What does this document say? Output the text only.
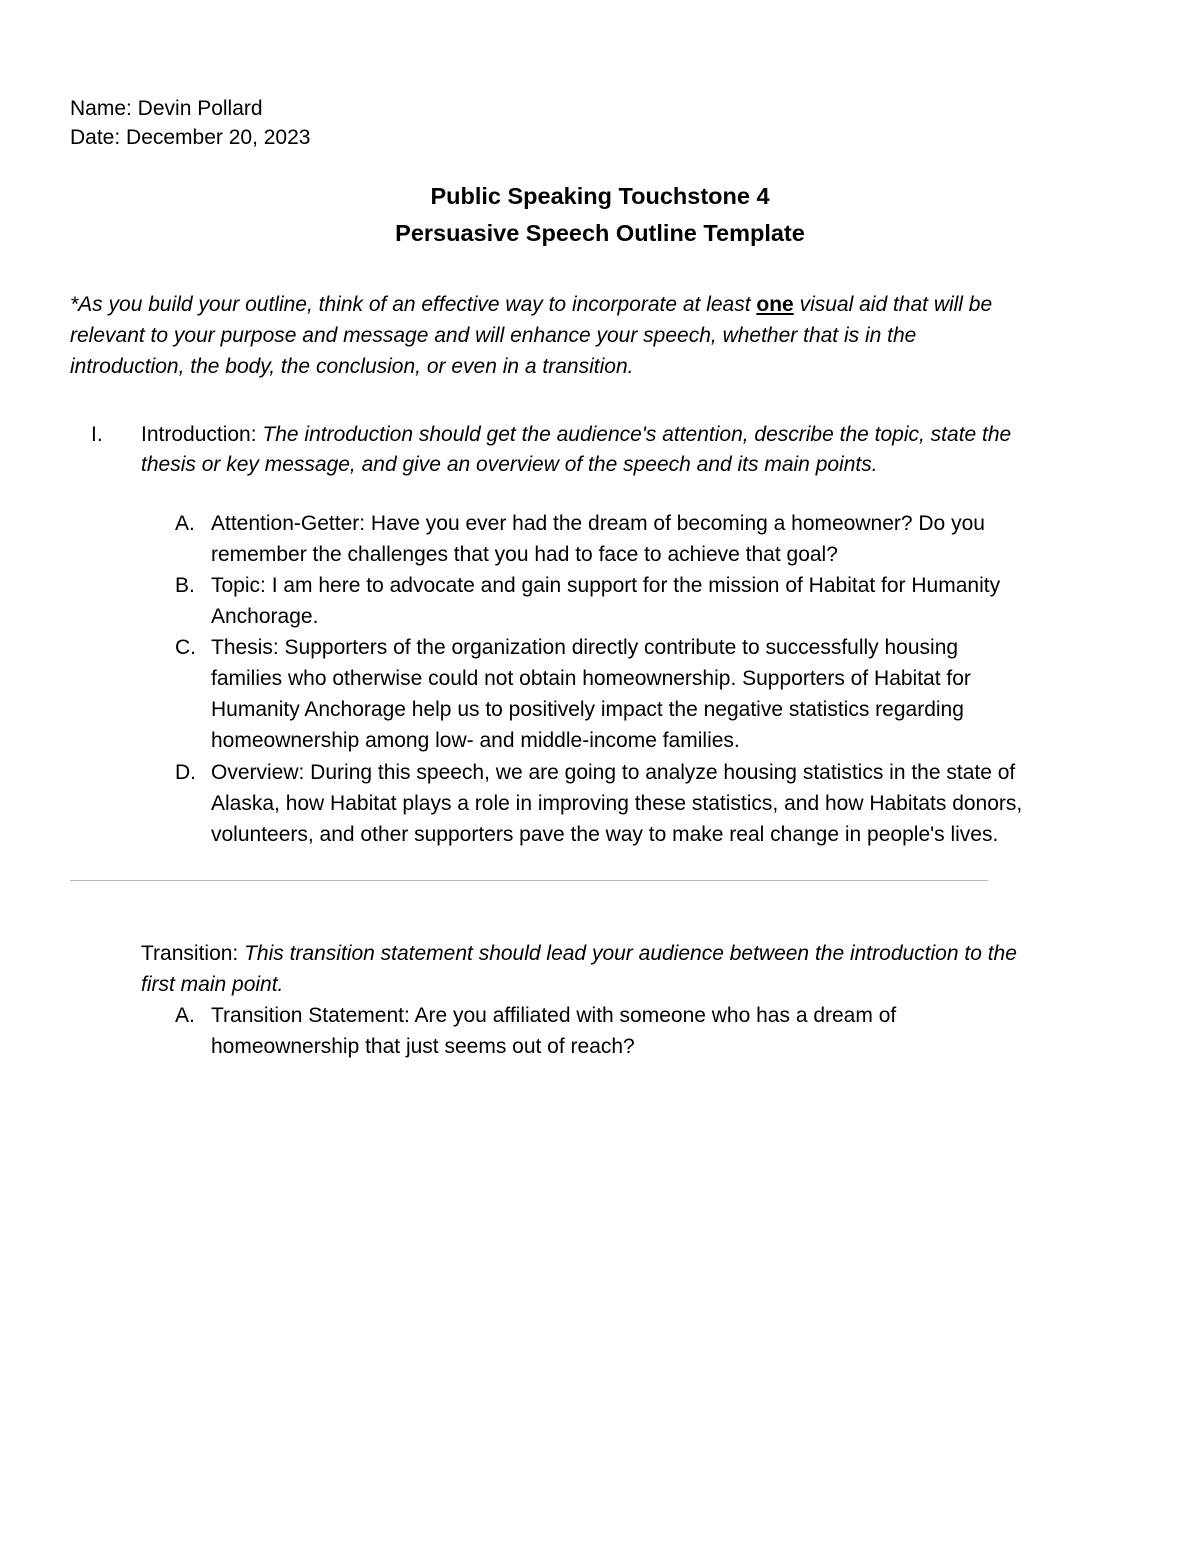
Name: Devin Pollard
Date: December 20, 2023
Public Speaking Touchstone 4
Persuasive Speech Outline Template
*As you build your outline, think of an effective way to incorporate at least one visual aid that will be
relevant to your purpose and message and will enhance your speech, whether that is in the
introduction, the body, the conclusion, or even in a transition.
I. Introduction: The introduction should get the audience's attention, describe the topic, state the
thesis or key message, and give an overview of the speech and its main points.
A. Attention-Getter: Have you ever had the dream of becoming a homeowner? Do you
remember the challenges that you had to face to achieve that goal?
B. Topic: I am here to advocate and gain support for the mission of Habitat for Humanity
Anchorage.
C. Thesis: Supporters of the organization directly contribute to successfully housing
families who otherwise could not obtain homeownership. Supporters of Habitat for
Humanity Anchorage help us to positively impact the negative statistics regarding
homeownership among low- and middle-income families.
D. Overview: During this speech, we are going to analyze housing statistics in the state of
Alaska, how Habitat plays a role in improving these statistics, and how Habitats donors,
volunteers, and other supporters pave the way to make real change in people's lives.
Transition: This transition statement should lead your audience between the introduction to the
first main point.
A. Transition Statement: Are you affiliated with someone who has a dream of
homeownership that just seems out of reach?
